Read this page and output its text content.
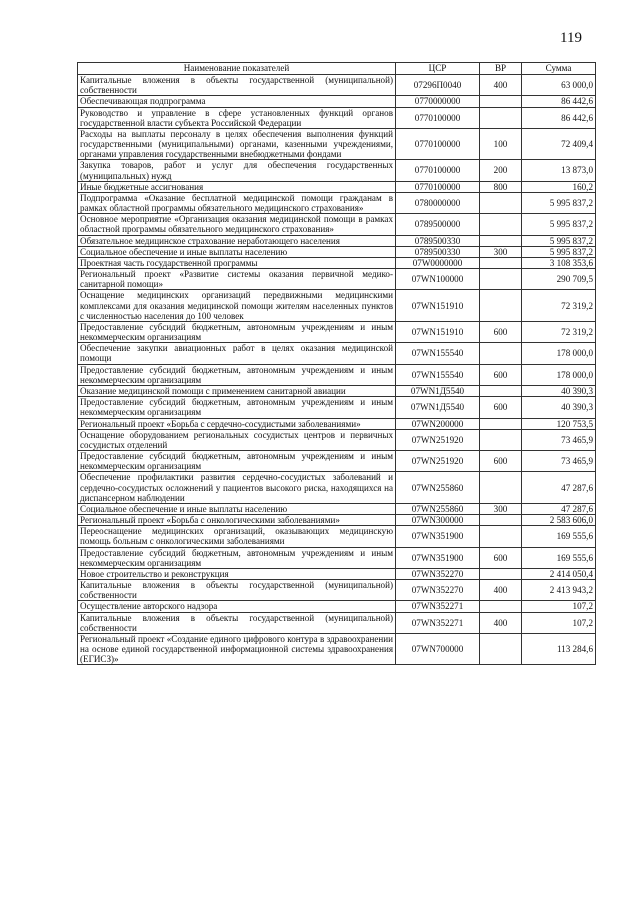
119
Наименование показателей	ЦСР	ВР	Сумма
Капитальные вложения в объекты государственной (муниципальной) собственности	07296П0040	400	63 000,0
Обеспечивающая подпрограмма	0770000000		86 442,6
Руководство и управление в сфере установленных функций органов государственной власти субъекта Российской Федерации	0770100000		86 442,6
Расходы на выплаты персоналу в целях обеспечения выполнения функций государственными (муниципальными) органами, казенными учреждениями, органами управления государственными внебюджетными фондами	0770100000	100	72 409,4
Закупка товаров, работ и услуг для обеспечения государственных (муниципальных) нужд	0770100000	200	13 873,0
Иные бюджетные ассигнования	0770100000	800	160,2
Подпрограмма «Оказание бесплатной медицинской помощи гражданам в рамках областной программы обязательного медицинского страхования»	0780000000		5 995 837,2
Основное мероприятие «Организация оказания медицинской помощи в рамках областной программы обязательного медицинского страхования»	0789500000		5 995 837,2
Обязательное медицинское страхование неработающего населения	0789500330		5 995 837,2
Социальное обеспечение и иные выплаты населению	0789500330	300	5 995 837,2
Проектная часть государственной программы	07W0000000		3 108 353,6
Региональный проект «Развитие системы оказания первичной медико-санитарной помощи»	07WN100000		290 709,5
Оснащение медицинских организаций передвижными медицинскими комплексами для оказания медицинской помощи жителям населенных пунктов с численностью населения до 100 человек	07WN151910		72 319,2
Предоставление субсидий бюджетным, автономным учреждениям и иным некоммерческим организациям	07WN151910	600	72 319,2
Обеспечение закупки авиационных работ в целях оказания медицинской помощи	07WN155540		178 000,0
Предоставление субсидий бюджетным, автономным учреждениям и иным некоммерческим организациям	07WN155540	600	178 000,0
Оказание медицинской помощи с применением санитарной авиации	07WN1Д5540		40 390,3
Предоставление субсидий бюджетным, автономным учреждениям и иным некоммерческим организациям	07WN1Д5540	600	40 390,3
Региональный проект «Борьба с сердечно-сосудистыми заболеваниями»	07WN200000		120 753,5
Оснащение оборудованием региональных сосудистых центров и первичных сосудистых отделений	07WN251920		73 465,9
Предоставление субсидий бюджетным, автономным учреждениям и иным некоммерческим организациям	07WN251920	600	73 465,9
Обеспечение профилактики развития сердечно-сосудистых заболеваний и сердечно-сосудистых осложнений у пациентов высокого риска, находящихся на диспансерном наблюдении	07WN255860		47 287,6
Социальное обеспечение и иные выплаты населению	07WN255860	300	47 287,6
Региональный проект «Борьба с онкологическими заболеваниями»	07WN300000		2 583 606,0
Переоснащение медицинских организаций, оказывающих медицинскую помощь больным с онкологическими заболеваниями	07WN351900		169 555,6
Предоставление субсидий бюджетным, автономным учреждениям и иным некоммерческим организациям	07WN351900	600	169 555,6
Новое строительство и реконструкция	07WN352270		2 414 050,4
Капитальные вложения в объекты государственной (муниципальной) собственности	07WN352270	400	2 413 943,2
Осуществление авторского надзора	07WN352271		107,2
Капитальные вложения в объекты государственной (муниципальной) собственности	07WN352271	400	107,2
Региональный проект «Создание единого цифрового контура в здравоохранении на основе единой государственной информационной системы здравоохранения (ЕГИСЗ)»	07WN700000		113 284,6
